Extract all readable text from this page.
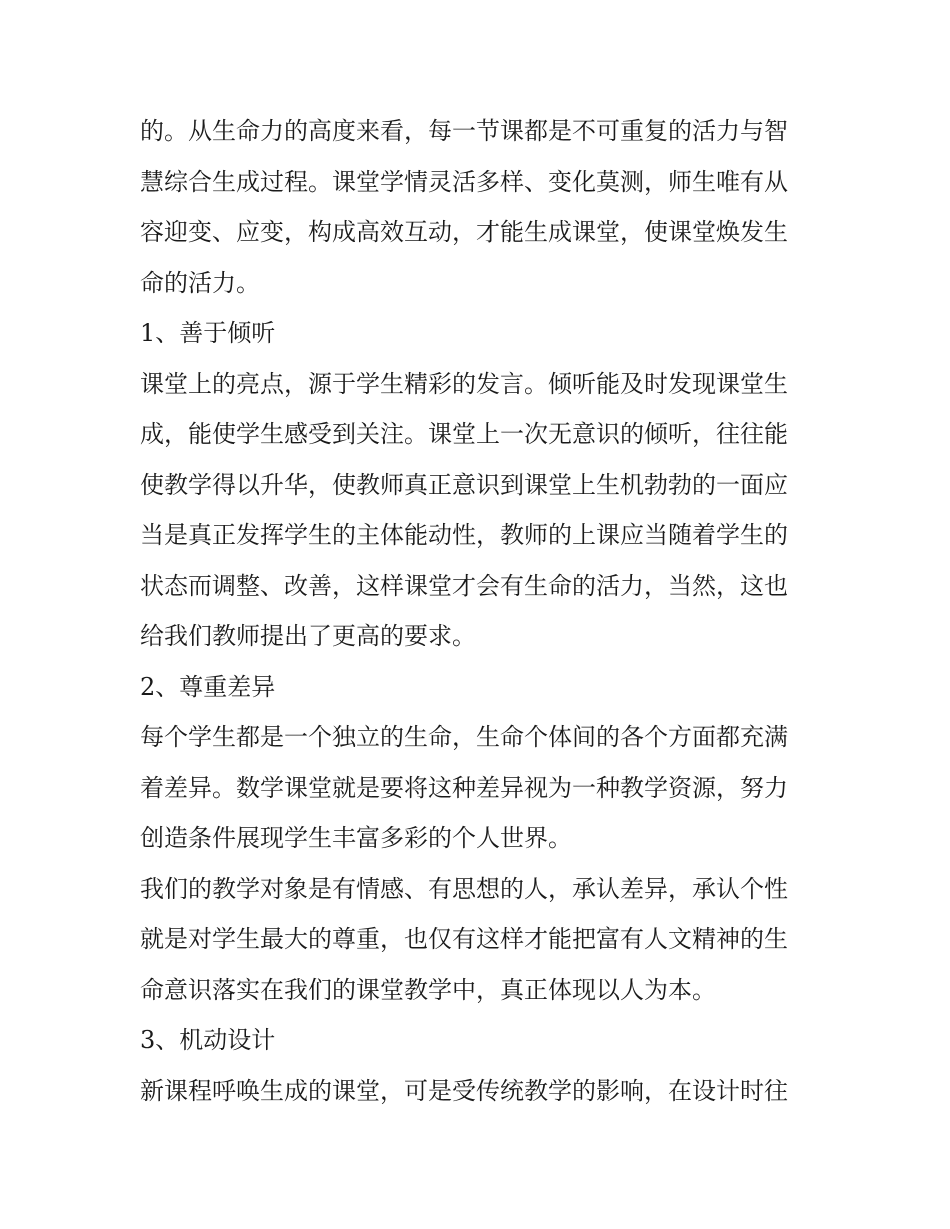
的。从生命力的高度来看，每一节课都是不可重复的活力与智
慧综合生成过程。课堂学情灵活多样、变化莫测，师生唯有从
容迎变、应变，构成高效互动，才能生成课堂，使课堂焕发生
命的活力。
1、善于倾听
课堂上的亮点，源于学生精彩的发言。倾听能及时发现课堂生
成，能使学生感受到关注。课堂上一次无意识的倾听，往往能
使教学得以升华，使教师真正意识到课堂上生机勃勃的一面应
当是真正发挥学生的主体能动性，教师的上课应当随着学生的
状态而调整、改善，这样课堂才会有生命的活力，当然，这也
给我们教师提出了更高的要求。
2、尊重差异
每个学生都是一个独立的生命，生命个体间的各个方面都充满
着差异。数学课堂就是要将这种差异视为一种教学资源，努力
创造条件展现学生丰富多彩的个人世界。
我们的教学对象是有情感、有思想的人，承认差异，承认个性
就是对学生最大的尊重，也仅有这样才能把富有人文精神的生
命意识落实在我们的课堂教学中，真正体现以人为本。
3、机动设计
新课程呼唤生成的课堂，可是受传统教学的影响，在设计时往
